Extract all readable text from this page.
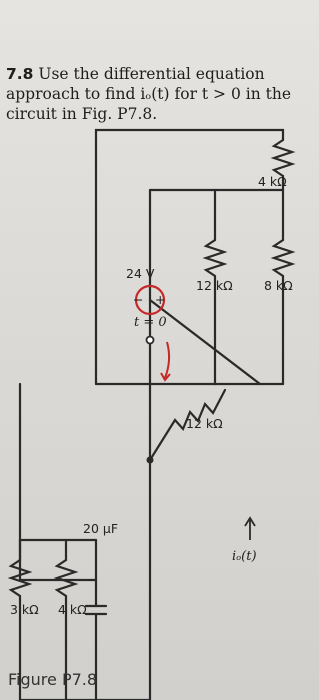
7.8 Use the differential equation approach to find iₒ(t) for t > 0 in the circuit in Fig. P7.8.
− +
20 μF
t = 0
24 V
3 kΩ 4 kΩ
12 kΩ
12 kΩ	8 kΩ
4 kΩ
iₒ(t)
Figure P7.8
